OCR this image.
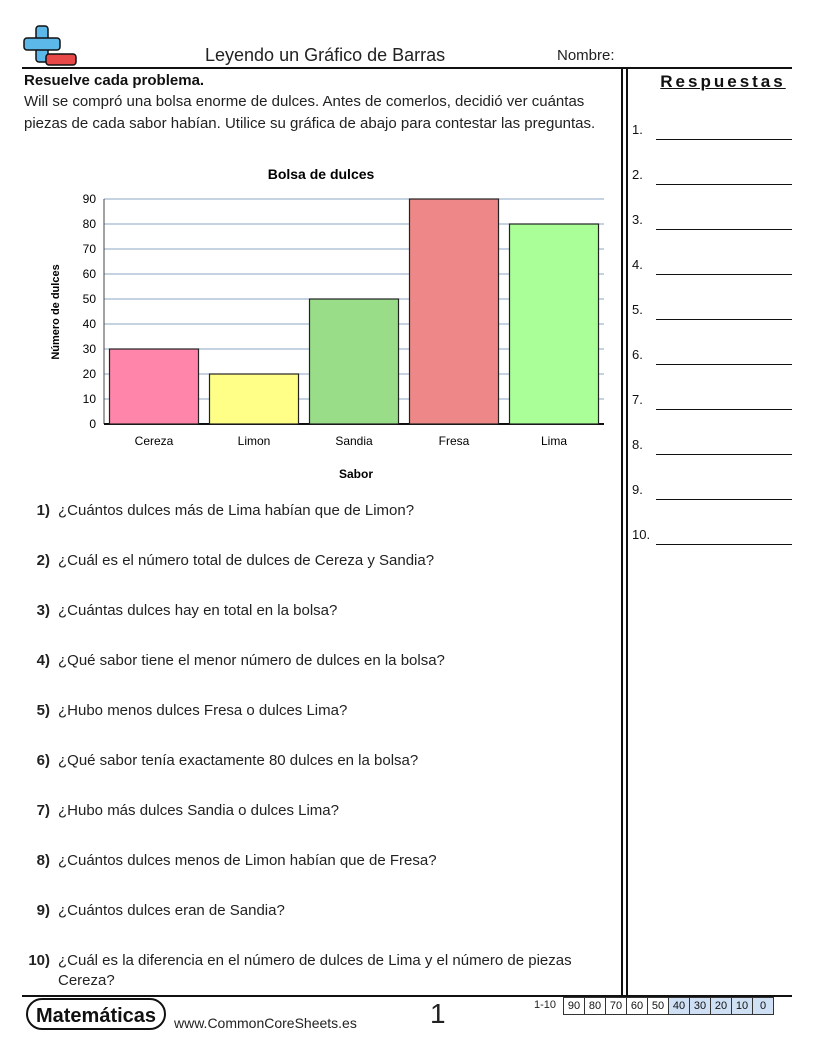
Leyendo un Gráfico de Barras	Nombre:
Resuelve cada problema.
Will se compró una bolsa enorme de dulces. Antes de comerlos, decidió ver cuántas piezas de cada sabor habían. Utilice su gráfica de abajo para contestar las preguntas.
Bolsa de dulces
Número de dulces
Sabor
0
10
20
30
40
50
60
70
80
90
Cereza	Limon	Sandia	Fresa	Lima
1) ¿Cuántos dulces más de Lima habían que de Limon?
2) ¿Cuál es el número total de dulces de Cereza y Sandia?
3) ¿Cuántas dulces hay en total en la bolsa?
4) ¿Qué sabor tiene el menor número de dulces en la bolsa?
5) ¿Hubo menos dulces Fresa o dulces Lima?
6) ¿Qué sabor tenía exactamente 80 dulces en la bolsa?
7) ¿Hubo más dulces Sandia o dulces Lima?
8) ¿Cuántos dulces menos de Limon habían que de Fresa?
9) ¿Cuántos dulces eran de Sandia?
10) ¿Cuál es la diferencia en el número de dulces de Lima y el número de piezas Cereza?
Respuestas
1.
2.
3.
4.
5.
6.
7.
8.
9.
10.
Matemáticas	www.CommonCoreSheets.es	1	1-10	90 80 70 60 50 40 30 20 10	0
